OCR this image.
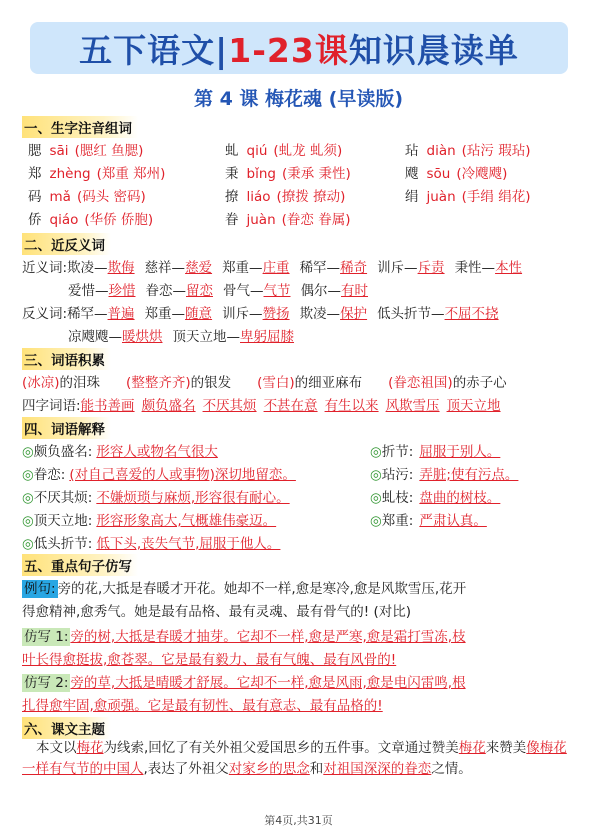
五下语文| 1-23课 知识晨读单
第 4 课 梅花魂 (早读版)
一、生字注音组词
腮 sāi (腮红 鱼腮)	虬 qiú (虬龙 虬须)	玷 diàn (玷污 瑕玷)
郑 zhèng (郑重 郑州)	秉 bǐng (秉承 秉性)	飕 sōu (冷飕飕)
码 mǎ (码头 密码)	撩 liáo (撩拨 撩动)	绢 juàn (手绢 绢花)
侨 qiáo (华侨 侨胞)	眷 juàn (眷恋 眷属)
二、近反义词
近义词:欺凌—欺侮 慈祥—慈爱 郑重—庄重 稀罕—稀奇 训斥—斥责 秉性—本性
爱惜—珍惜 眷恋—留恋 骨气—气节 偶尔—有时
反义词:稀罕—普遍 郑重—随意 训斥—赞扬 欺凌—保护 低头折节—不屈不挠
凉飕飕—暖烘烘 顶天立地—卑躬屈膝
三、词语积累
(冰凉)的泪珠 (整整齐齐)的银发 (雪白)的细亚麻布 (眷恋祖国)的赤子心
四字词语:能书善画 颇负盛名 不厌其烦 不甚在意 有生以来 风欺雪压 顶天立地
四、词语解释
◎颇负盛名: 形容人或物名气很大
◎眷恋: (对自己喜爱的人或事物)深切地留恋。
◎不厌其烦: 不嫌烦琐与麻烦,形容很有耐心。
◎顶天立地: 形容形象高大,气概雄伟豪迈。
◎低头折节: 低下头,丧失气节,屈服于他人。
◎折节: 屈服于别人。
◎玷污: 弄脏;使有污点。
◎虬枝: 盘曲的树枝。
◎郑重: 严肃认真。
五、重点句子仿写
例句: 旁的花,大抵是春暖才开花。她却不一样,愈是寒冷,愈是风欺雪压,花开
得愈精神,愈秀气。她是最有品格、最有灵魂、最有骨气的! (对比)
仿写 1: 旁的树,大抵是春暖才抽芽。它却不一样,愈是严寒,愈是霜打雪冻,枝
叶长得愈挺拔,愈苍翠。它是最有毅力、最有气魄、最有风骨的!
仿写 2: 旁的草,大抵是晴暖才舒展。它却不一样,愈是风雨,愈是电闪雷鸣,根
扎得愈牢固,愈顽强。它是最有韧性、最有意志、最有品格的!
六、课文主题
本文以梅花为线索,回忆了有关外祖父爱国思乡的五件事。文章通过赞美梅花来赞美像梅花一样有气节的中国人,表达了外祖父对家乡的思念和对祖国深深的眷恋之情。
第4页,共31页
